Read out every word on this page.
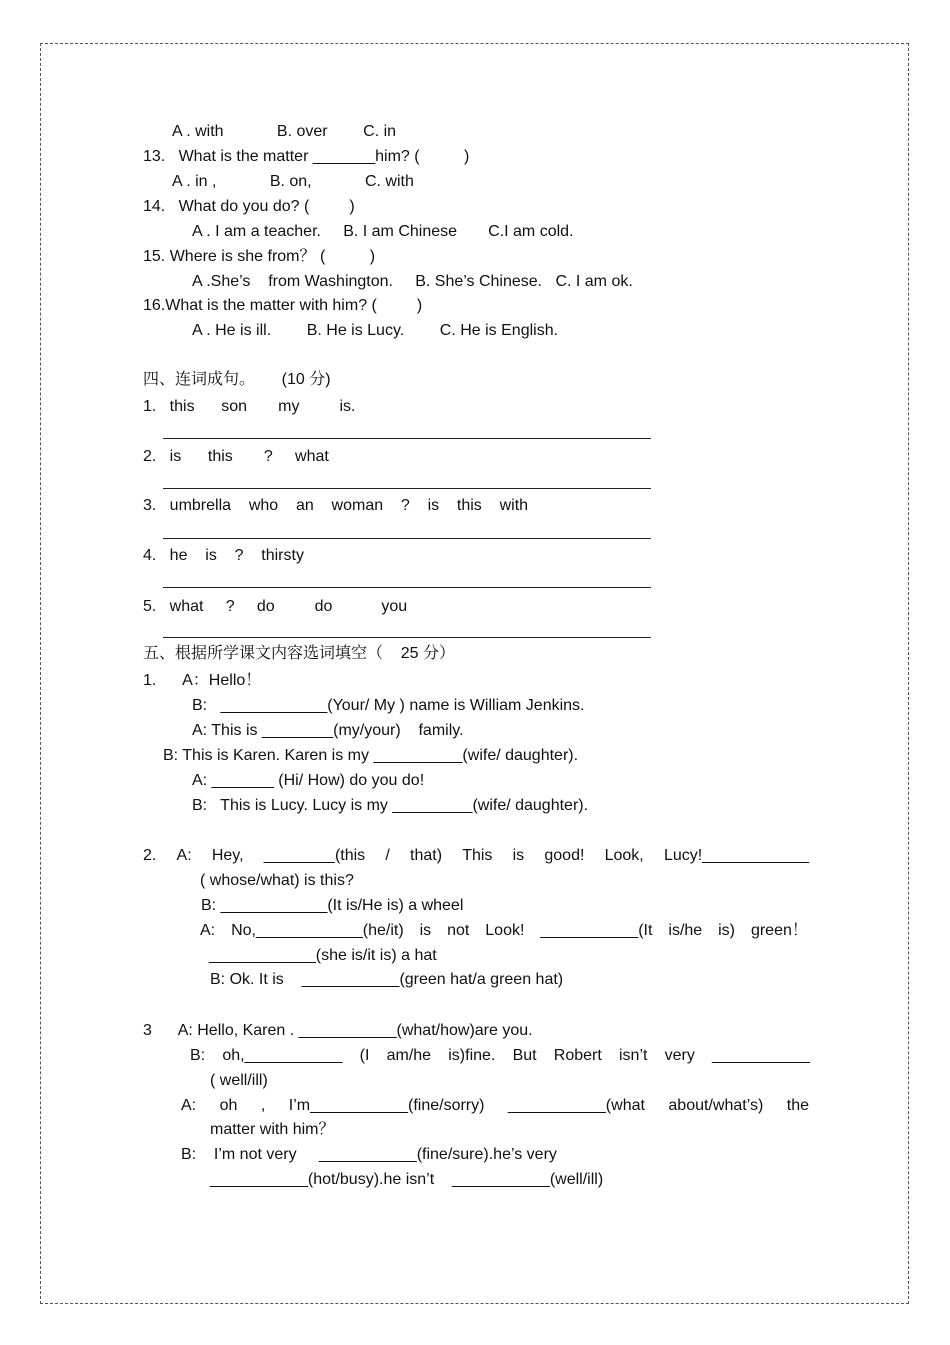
A . with            B. over        C. in
13.   What is the matter _______him? (          )
A . in ,            B. on,            C. with
14.   What do you do? (         )
A . I am a teacher.     B. I am Chinese       C.I am cold.
15. Where is she from？ (          )
A .She’s    from Washington.     B. She’s Chinese.   C. I am ok.
16.What is the matter with him? (         )
A . He is ill.        B. He is Lucy.        C. He is English.
四、连词成句。      (10 分)
1.   this      son       my         is.
2.   is      this       ?     what
3.   umbrella    who    an    woman    ?    is    this    with
4.   he    is    ?    thirsty
5.   what     ?     do         do           you
五、根据所学课文内容选词填空（    25 分）
1.      A：Hello！
B:   ____________(Your/ My ) name is William Jenkins.
A: This is ________(my/your)    family.
B: This is Karen. Karen is my __________(wife/ daughter).
A: _______ (Hi/ How) do you do!
B:   This is Lucy. Lucy is my _________(wife/ daughter).
2. A: Hey, ________(this / that) This is good! Look, Lucy!____________
( whose/what) is this?
B: ____________(It is/He is) a wheel
A: No,____________(he/it) is not Look! ___________(It is/he is) green！
____________(she is/it is) a hat
B: Ok. It is    ___________(green hat/a green hat)
3      A: Hello, Karen . ___________(what/how)are you.
B: oh,___________ (I am/he is)fine. But Robert isn’t very ___________
( well/ill)
A: oh , I’m___________(fine/sorry) ___________(what about/what’s) the
matter with him？
B:    I’m not very     ___________(fine/sure).he’s very
___________(hot/busy).he isn’t    ___________(well/ill)
